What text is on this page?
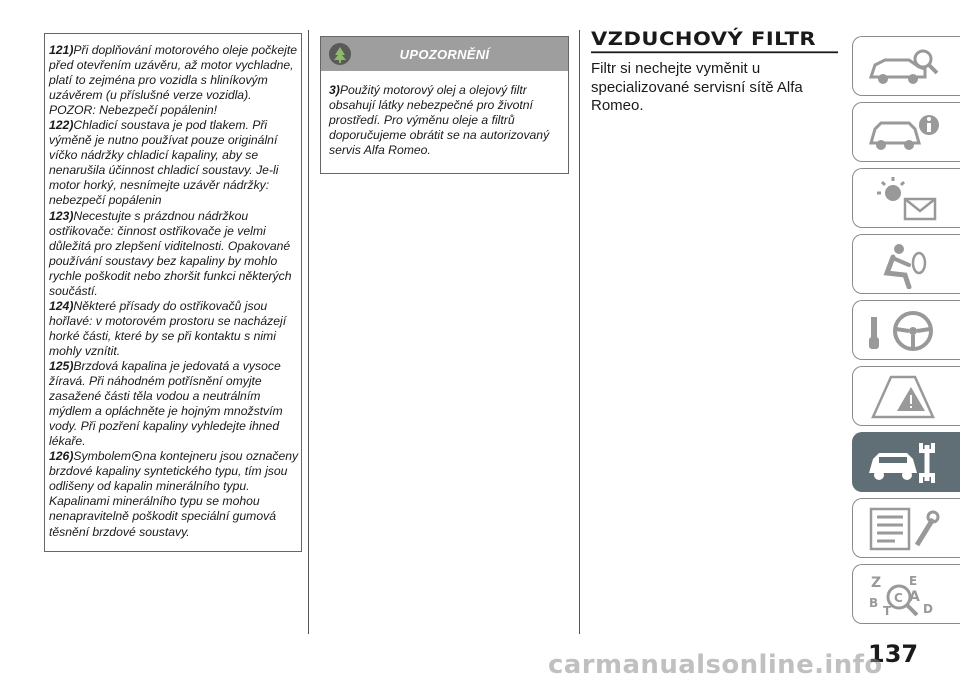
121)Při doplňování motorového oleje počkejte před otevřením uzávěru, až motor vychladne, platí to zejména pro vozidla s hliníkovým uzávěrem (u příslušné verze vozidla). POZOR: Nebezpečí popálenin!

122)Chladicí soustava je pod tlakem. Při výměně je nutno používat pouze originální víčko nádržky chladicí kapaliny, aby se nenarušila účinnost chladicí soustavy. Je-li motor horký, nesnímejte uzávěr nádržky: nebezpečí popálenin

123)Necestujte s prázdnou nádržkou ostřikovače: činnost ostřikovače je velmi důležitá pro zlepšení viditelnosti. Opakované používání soustavy bez kapaliny by mohlo rychle poškodit nebo zhoršit funkci některých součástí.

124)Některé přísady do ostřikovačů jsou hořlavé: v motorovém prostoru se nacházejí horké části, které by se při kontaktu s nimi mohly vznítit.

125)Brzdová kapalina je jedovatá a vysoce žíravá. Při náhodném potřísnění omyjte zasažené části těla vodou a neutrálním mýdlem a opláchněte je hojným množstvím vody. Při pozření kapaliny vyhledejte ihned lékaře.

126)Symbolem na kontejneru jsou označeny brzdové kapaliny syntetického typu, tím jsou odlišeny od kapalin minerálního typu. Kapalinami minerálního typu se mohou nenapravitelně poškodit speciální gumová těsnění brzdové soustavy.

UPOZORNĚNÍ
3)Použitý motorový olej a olejový filtr obsahují látky nebezpečné pro životní prostředí. Pro výměnu oleje a filtrů doporučujeme obrátit se na autorizovaný servis Alfa Romeo.
VZDUCHOVÝ FILTR
Filtr si nechejte vyměnit u specializované servisní sítě Alfa Romeo.
Z E
B
T	D
C A
137
carmanualsonline.info
